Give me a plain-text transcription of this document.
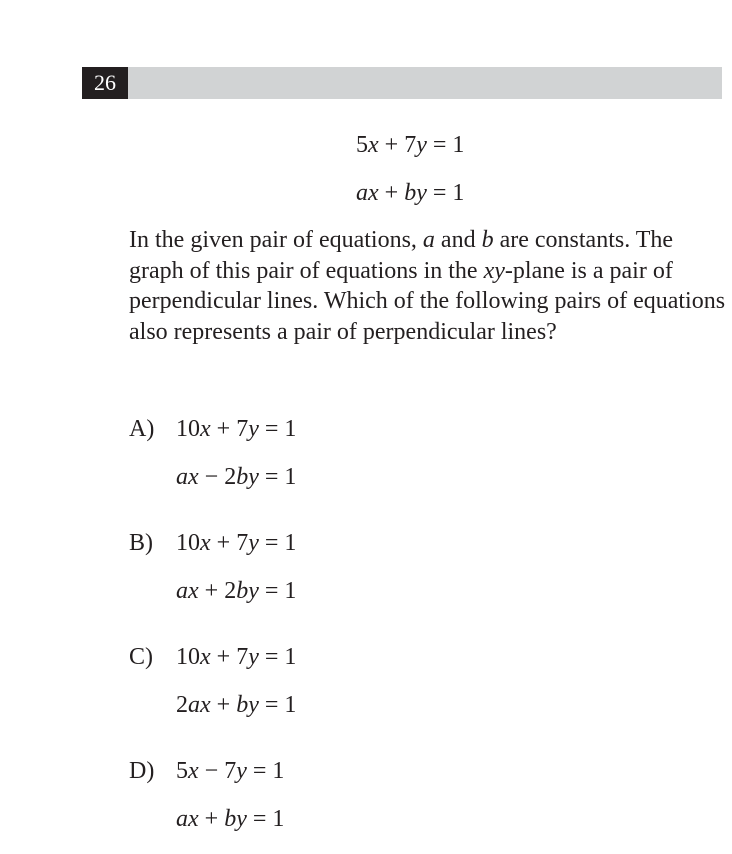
26
5x + 7y = 1
ax + by = 1
In the given pair of equations, a and b are constants. The graph of this pair of equations in the xy-plane is a pair of perpendicular lines. Which of the following pairs of equations also represents a pair of perpendicular lines?
A) 10x + 7y = 1
ax − 2by = 1
B) 10x + 7y = 1
ax + 2by = 1
C) 10x + 7y = 1
2ax + by = 1
D) 5x − 7y = 1
ax + by = 1
